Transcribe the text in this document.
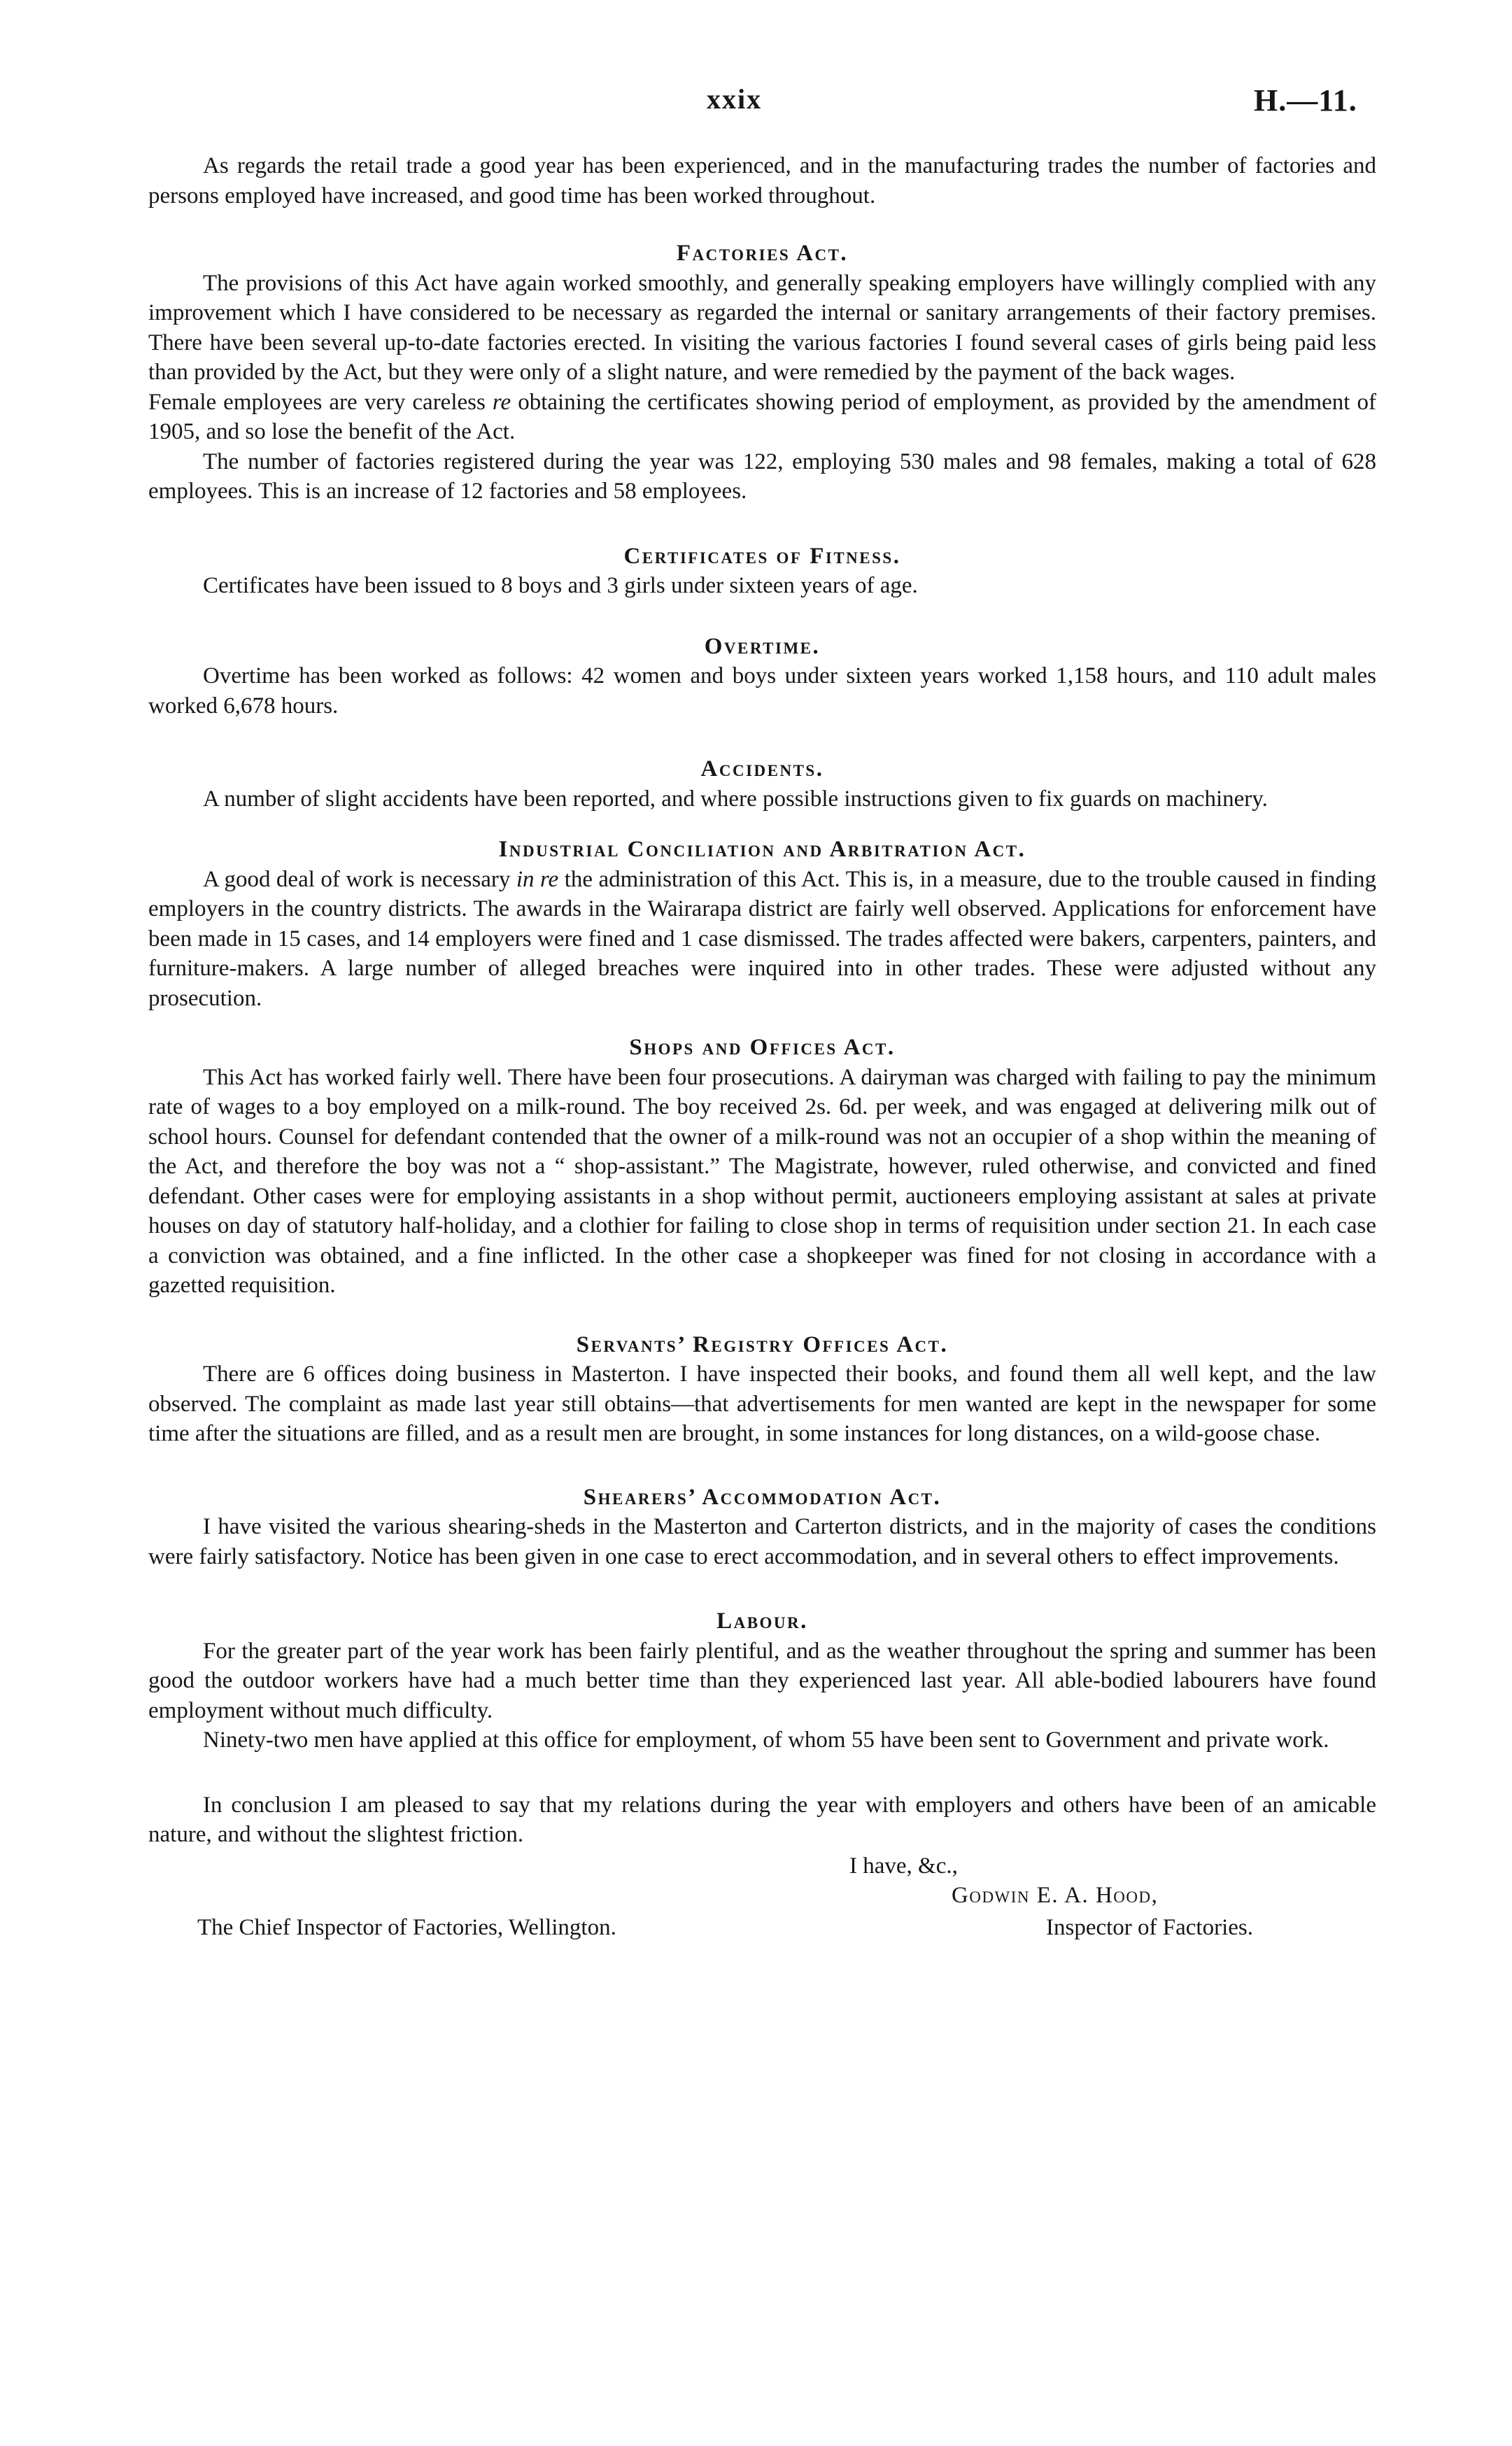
xxix	H.—11.

As regards the retail trade a good year has been experienced, and in the manufacturing trades the number of factories and persons employed have increased, and good time has been worked throughout.

Factories Act.

The provisions of this Act have again worked smoothly, and generally speaking employers have willingly complied with any improvement which I have considered to be necessary as regarded the internal or sanitary arrangements of their factory premises. There have been several up-to-date factories erected. In visiting the various factories I found several cases of girls being paid less than provided by the Act, but they were only of a slight nature, and were remedied by the payment of the back wages.

Female employees are very careless re obtaining the certificates showing period of employment, as provided by the amendment of 1905, and so lose the benefit of the Act.

The number of factories registered during the year was 122, employing 530 males and 98 females, making a total of 628 employees. This is an increase of 12 factories and 58 employees.

Certificates of Fitness.

Certificates have been issued to 8 boys and 3 girls under sixteen years of age.

Overtime.

Overtime has been worked as follows: 42 women and boys under sixteen years worked 1,158 hours, and 110 adult males worked 6,678 hours.

Accidents.

A number of slight accidents have been reported, and where possible instructions given to fix guards on machinery.

Industrial Conciliation and Arbitration Act.

A good deal of work is necessary in re the administration of this Act. This is, in a measure, due to the trouble caused in finding employers in the country districts. The awards in the Wairarapa district are fairly well observed. Applications for enforcement have been made in 15 cases, and 14 employers were fined and 1 case dismissed. The trades affected were bakers, carpenters, painters, and furniture-makers. A large number of alleged breaches were inquired into in other trades. These were adjusted without any prosecution.

Shops and Offices Act.

This Act has worked fairly well. There have been four prosecutions. A dairyman was charged with failing to pay the minimum rate of wages to a boy employed on a milk-round. The boy received 2s. 6d. per week, and was engaged at delivering milk out of school hours. Counsel for defendant contended that the owner of a milk-round was not an occupier of a shop within the meaning of the Act, and therefore the boy was not a “ shop-assistant.” The Magistrate, however, ruled otherwise, and convicted and fined defendant. Other cases were for employing assistants in a shop without permit, auctioneers employing assistant at sales at private houses on day of statutory half-holiday, and a clothier for failing to close shop in terms of requisition under section 21. In each case a conviction was obtained, and a fine inflicted. In the other case a shopkeeper was fined for not closing in accordance with a gazetted requisition.

Servants’ Registry Offices Act.

There are 6 offices doing business in Masterton. I have inspected their books, and found them all well kept, and the law observed. The complaint as made last year still obtains—that advertisements for men wanted are kept in the newspaper for some time after the situations are filled, and as a result men are brought, in some instances for long distances, on a wild-goose chase.

Shearers’ Accommodation Act.

I have visited the various shearing-sheds in the Masterton and Carterton districts, and in the majority of cases the conditions were fairly satisfactory. Notice has been given in one case to erect accommodation, and in several others to effect improvements.

Labour.

For the greater part of the year work has been fairly plentiful, and as the weather throughout the spring and summer has been good the outdoor workers have had a much better time than they experienced last year. All able-bodied labourers have found employment without much difficulty.

Ninety-two men have applied at this office for employment, of whom 55 have been sent to Government and private work.

In conclusion I am pleased to say that my relations during the year with employers and others have been of an amicable nature, and without the slightest friction.

I have, &c.,
Godwin E. A. Hood,
The Chief Inspector of Factories, Wellington.	Inspector of Factories.
